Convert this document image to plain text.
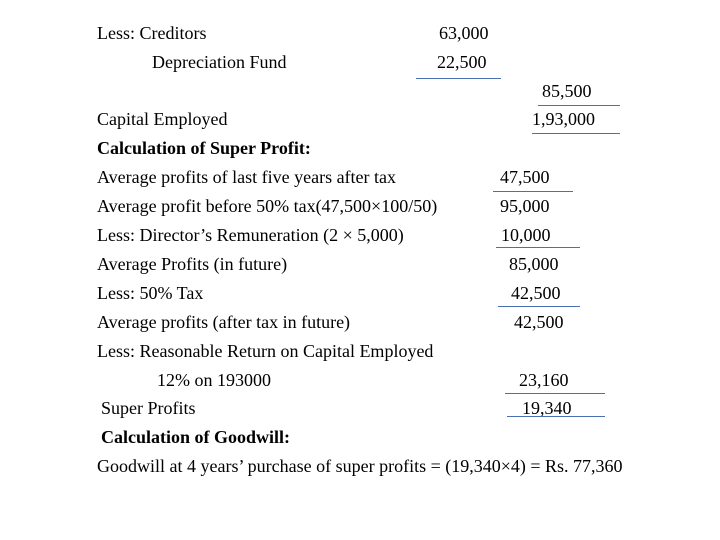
Less: Creditors	63,000
Depreciation Fund	22,500
85,500
Capital Employed	1,93,000
Calculation of Super Profit:
Average profits of last five years after tax	47,500
Average profit before 50% tax(47,500×100/50)	95,000
Less: Director’s Remuneration (2 × 5,000)	10,000
Average Profits (in future)	85,000
Less: 50% Tax	42,500
Average profits (after tax in future)	42,500
Less: Reasonable Return on Capital Employed
12% on 193000	23,160
Super Profits	19,340
Calculation of Goodwill:
Goodwill at 4 years’ purchase of super profits = (19,340×4) = Rs. 77,360
